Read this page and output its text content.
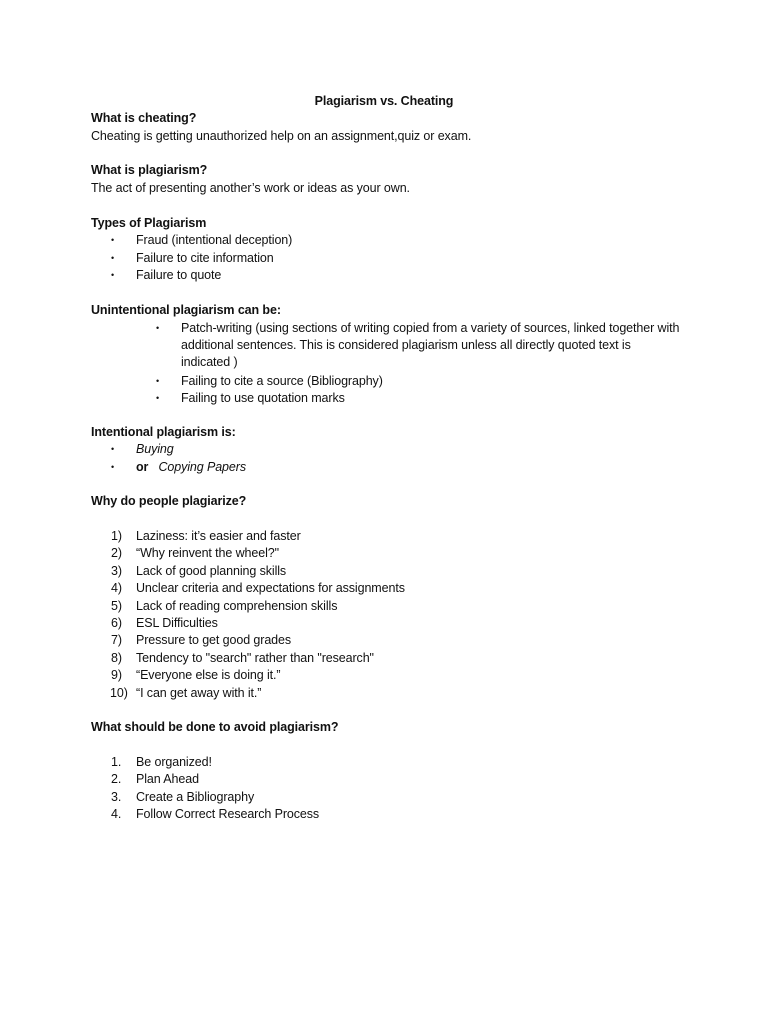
Plagiarism vs. Cheating
What is cheating?
Cheating is getting unauthorized help on an assignment,quiz or exam.
What is plagiarism?
The act of presenting another’s work or ideas as your own.
Types of Plagiarism
• Fraud (intentional deception)
• Failure to cite information
• Failure to quote
Unintentional plagiarism can be:
• Patch-writing (using sections of writing copied from a variety of sources, linked together with additional sentences. This is considered plagiarism unless all directly quoted text is indicated )
• Failing to cite a source (Bibliography)
• Failing to use quotation marks
Intentional plagiarism is:
• Buying
• or Copying Papers
Why do people plagiarize?
1) Laziness: it’s easier and faster
2) “Why reinvent the wheel?"
3) Lack of good planning skills
4) Unclear criteria and expectations for assignments
5) Lack of reading comprehension skills
6) ESL Difficulties
7) Pressure to get good grades
8) Tendency to "search" rather than "research"
9) “Everyone else is doing it.”
10) “I can get away with it.”
What should be done to avoid plagiarism?
1. Be organized!
2. Plan Ahead
3. Create a Bibliography
4. Follow Correct Research Process
